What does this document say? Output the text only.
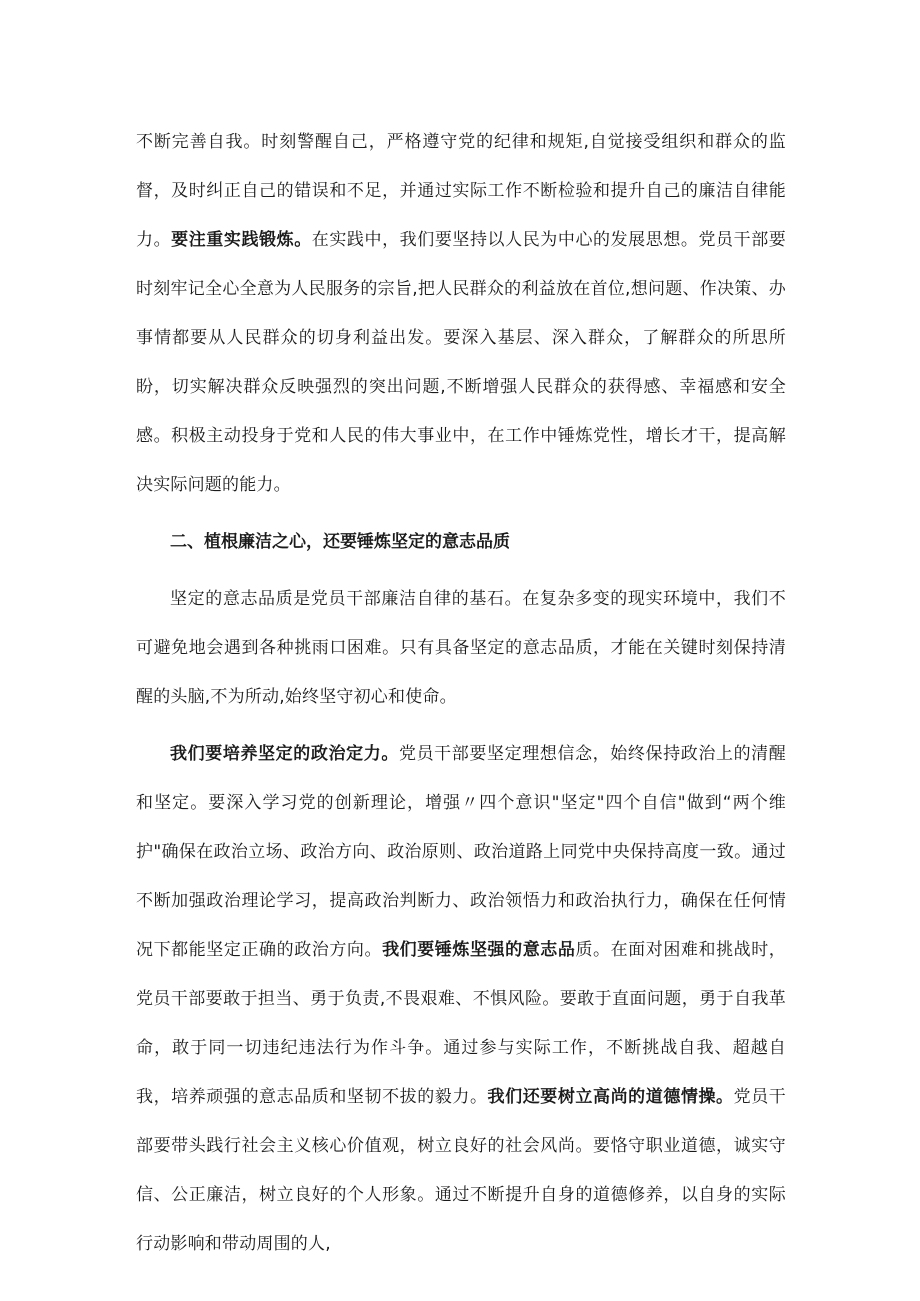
不断完善自我。时刻警醒自己，严格遵守党的纪律和规矩,自觉接受组织和群众的监督，及时纠正自己的错误和不足，并通过实际工作不断检验和提升自己的廉洁自律能力。要注重实践锻炼。在实践中，我们要坚持以人民为中心的发展思想。党员干部要时刻牢记全心全意为人民服务的宗旨,把人民群众的利益放在首位,想问题、作决策、办事情都要从人民群众的切身利益出发。要深入基层、深入群众，了解群众的所思所盼，切实解决群众反映强烈的突出问题,不断增强人民群众的获得感、幸福感和安全感。积极主动投身于党和人民的伟大事业中，在工作中锤炼党性，增长才干，提高解决实际问题的能力。

二、植根廉洁之心，还要锤炼坚定的意志品质

坚定的意志品质是党员干部廉洁自律的基石。在复杂多变的现实环境中，我们不可避免地会遇到各种挑雨口困难。只有具备坚定的意志品质，才能在关键时刻保持清醒的头脑,不为所动,始终坚守初心和使命。

我们要培养坚定的政治定力。党员干部要坚定理想信念，始终保持政治上的清醒和坚定。要深入学习党的创新理论，增强〃四个意识"坚定"四个自信"做到“两个维护"确保在政治立场、政治方向、政治原则、政治道路上同党中央保持高度一致。通过不断加强政治理论学习，提高政治判断力、政治领悟力和政治执行力，确保在任何情况下都能坚定正确的政治方向。我们要锤炼坚强的意志品质。在面对困难和挑战时，党员干部要敢于担当、勇于负责,不畏艰难、不惧风险。要敢于直面问题，勇于自我革命，敢于同一切违纪违法行为作斗争。通过参与实际工作，不断挑战自我、超越自我，培养顽强的意志品质和坚韧不拔的毅力。我们还要树立高尚的道德情操。党员干部要带头践行社会主义核心价值观，树立良好的社会风尚。要恪守职业道德，诚实守信、公正廉洁，树立良好的个人形象。通过不断提升自身的道德修养，以自身的实际行动影响和带动周围的人,
